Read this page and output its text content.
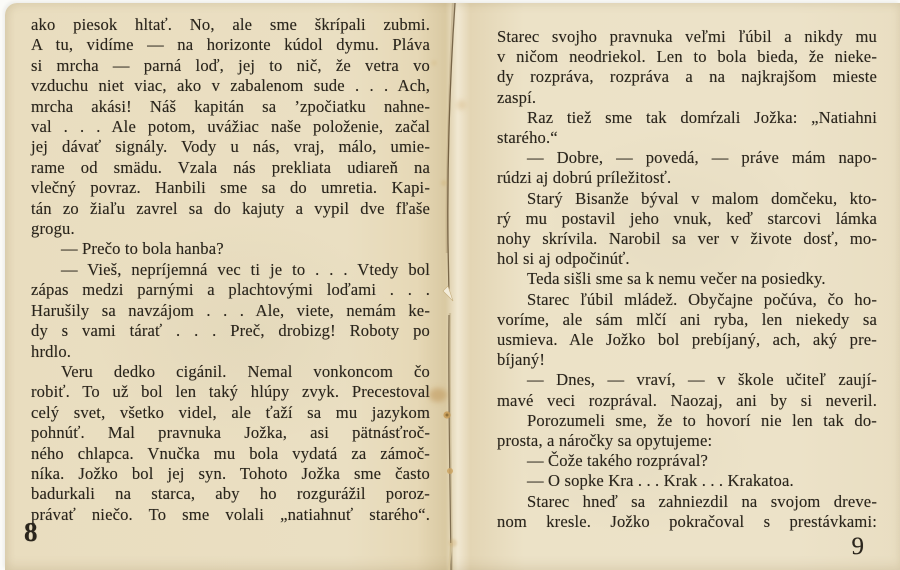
ako piesok hltať. No, ale sme škrípali zubmi.
A tu, vidíme — na horizonte kúdol dymu. Pláva
si mrcha — parná loď, jej to nič, že vetra vo
vzduchu niet viac, ako v zabalenom sude . . . Ach,
mrcha akási! Náš kapitán sa ’zpočiatku nahne-
val . . . Ale potom, uvážiac naše položenie, začal
jej dávať signály. Vody u nás, vraj, málo, umie-
rame od smädu. Vzala nás prekliata udiareň na
vlečný povraz. Hanbili sme sa do umretia. Kapi-
tán zo žiaľu zavrel sa do kajuty a vypil dve fľaše
grogu.
— Prečo to bola hanba?
— Vieš, nepríjemná vec ti je to . . . Vtedy bol
zápas medzi parnými a plachtovými loďami . . .
Harušily sa navzájom . . . Ale, viete, nemám ke-
dy s vami tárať . . . Preč, drobizg! Roboty po
hrdlo.
Veru dedko cigánil. Nemal vonkoncom čo
robiť. To už bol len taký hlúpy zvyk. Precestoval
celý svet, všetko videl, ale ťaží sa mu jazykom
pohnúť. Mal pravnuka Jožka, asi pätnásťroč-
ného chlapca. Vnučka mu bola vydatá za zámoč-
níka. Jožko bol jej syn. Tohoto Jožka sme často
badurkali na starca, aby ho rozgurážil poroz-
právať niečo. To sme volali „natiahnuť starého“.
8
Starec svojho pravnuka veľmi ľúbil a nikdy mu
v ničom neodriekol. Len to bola bieda, že nieke-
dy rozpráva, rozpráva a na najkrajšom mieste
zaspí.
Raz tiež sme tak domŕzali Jožka: „Natiahni
starého.“
— Dobre, — povedá, — práve mám napo-
rúdzi aj dobrú príležitosť.
Starý Bisanže býval v malom domčeku, kto-
rý mu postavil jeho vnuk, keď starcovi lámka
nohy skrívila. Narobil sa ver v živote dosť, mo-
hol si aj odpočinúť.
Teda sišli sme sa k nemu večer na posiedky.
Starec ľúbil mládež. Obyčajne počúva, čo ho-
voríme, ale sám mlčí ani ryba, len niekedy sa
usmieva. Ale Jožko bol prebíjaný, ach, aký pre-
bíjaný!
— Dnes, — vraví, — v škole učiteľ zaují-
mavé veci rozprával. Naozaj, ani by si neveril.
Porozumeli sme, že to hovorí nie len tak do-
prosta, a náročky sa opytujeme:
— Čože takého rozprával?
— O sopke Kra . . . Krak . . . Krakatoa.
Starec hneď sa zahniezdil na svojom dreve-
nom kresle. Jožko pokračoval s prestávkami:
9
